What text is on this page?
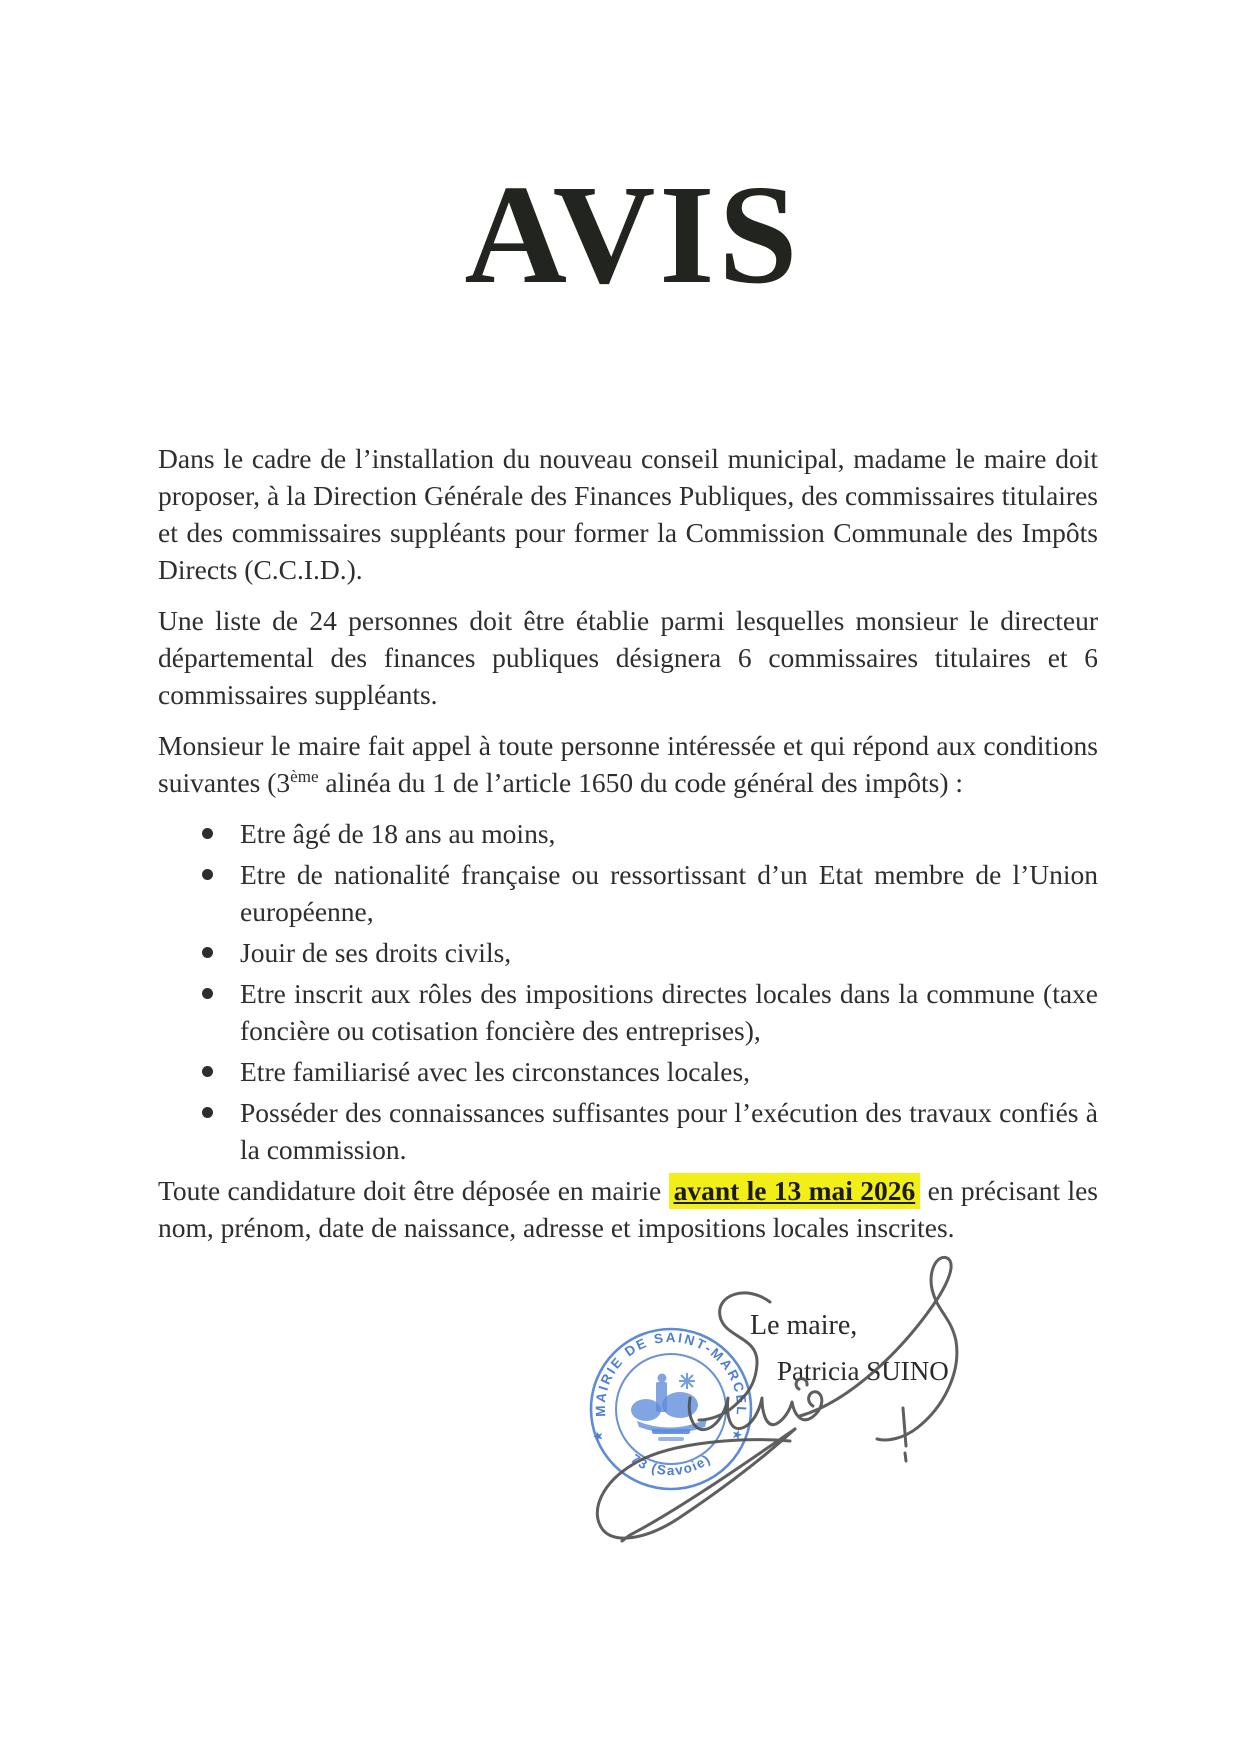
AVIS

Dans le cadre de l’installation du nouveau conseil municipal, madame le maire doit proposer, à la Direction Générale des Finances Publiques, des commissaires titulaires et des commissaires suppléants pour former la Commission Communale des Impôts Directs (C.C.I.D.).

Une liste de 24 personnes doit être établie parmi lesquelles monsieur le directeur départemental des finances publiques désignera 6 commissaires titulaires et 6 commissaires suppléants.

Monsieur le maire fait appel à toute personne intéressée et qui répond aux conditions suivantes (3ème alinéa du 1 de l’article 1650 du code général des impôts) :

Etre âgé de 18 ans au moins,
Etre de nationalité française ou ressortissant d’un Etat membre de l’Union européenne,
Jouir de ses droits civils,
Etre inscrit aux rôles des impositions directes locales dans la commune (taxe foncière ou cotisation foncière des entreprises),
Etre familiarisé avec les circonstances locales,
Posséder des connaissances suffisantes pour l’exécution des travaux confiés à la commission.

Toute candidature doit être déposée en mairie avant le 13 mai 2026 en précisant les nom, prénom, date de naissance, adresse et impositions locales inscrites.

Le maire,
Patricia SUINO
MAIRIE DE SAINT-MARCEL
73 (Savoie)
★	★
